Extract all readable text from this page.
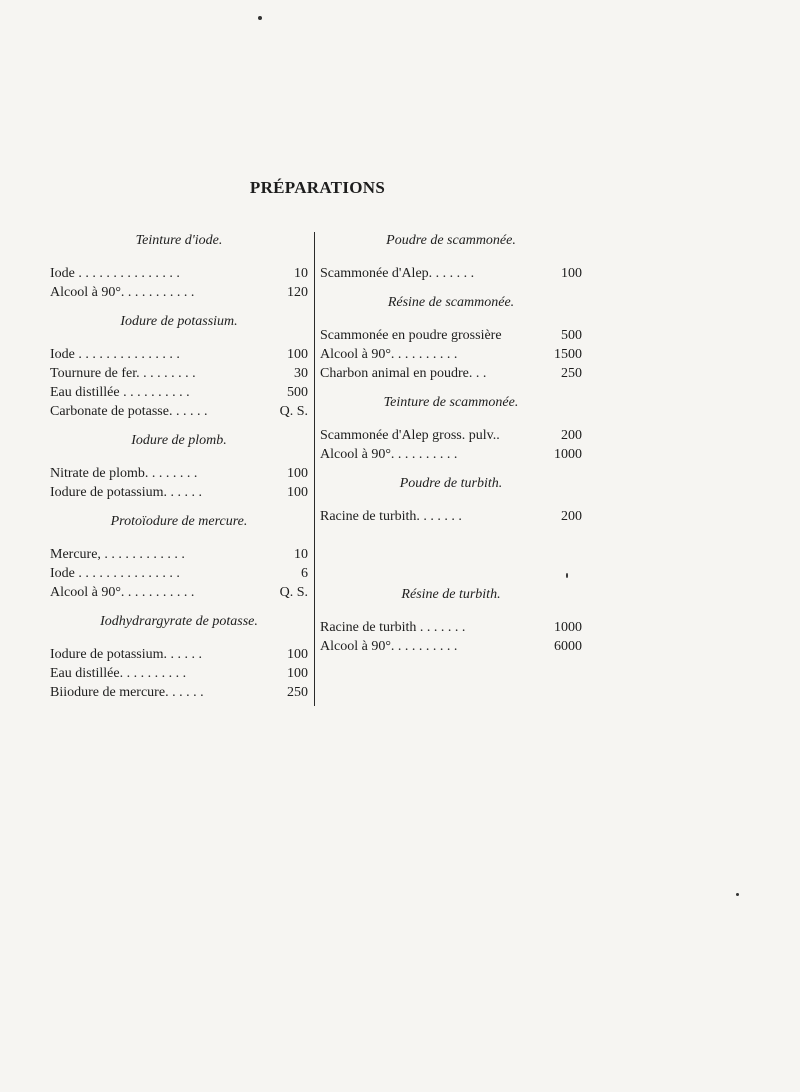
PRÉPARATIONS
Teinture d'iode.
Iode . . . . . . . . . . . . . . .	10
Alcool à 90°. . . . . . . . . . .	120
Iodure de potassium.
Iode . . . . . . . . . . . . . . .	100
Tournure de fer. . . . . . . . .	30
Eau distillée . . . . . . . . . .	500
Carbonate de potasse. . . . . .	Q. S.
Iodure de plomb.
Nitrate de plomb. . . . . . . .	100
Iodure de potassium. . . . . .	100
Protoïodure de mercure.
Mercure, . . . . . . . . . . . .	10
Iode . . . . . . . . . . . . . . .	6
Alcool à 90°. . . . . . . . . . .	Q. S.
Iodhydrargyrate de potasse.
Iodure de potassium. . . . . .	100
Eau distillée. . . . . . . . . .	100
Biiodure de mercure. . . . . .	250
Poudre de scammonée.
Scammonée d'Alep. . . . . . .	100
Résine de scammonée.
Scammonée en poudre grossière	500
Alcool à 90°. . . . . . . . . .	1500
Charbon animal en poudre. . .	250
Teinture de scammonée.
Scammonée d'Alep gross. pulv..	200
Alcool à 90°. . . . . . . . . .	1000
Poudre de turbith.
Racine de turbith. . . . . . .	200
Résine de turbith.
Racine de turbith . . . . . . .	1000
Alcool à 90°. . . . . . . . . .	6000
